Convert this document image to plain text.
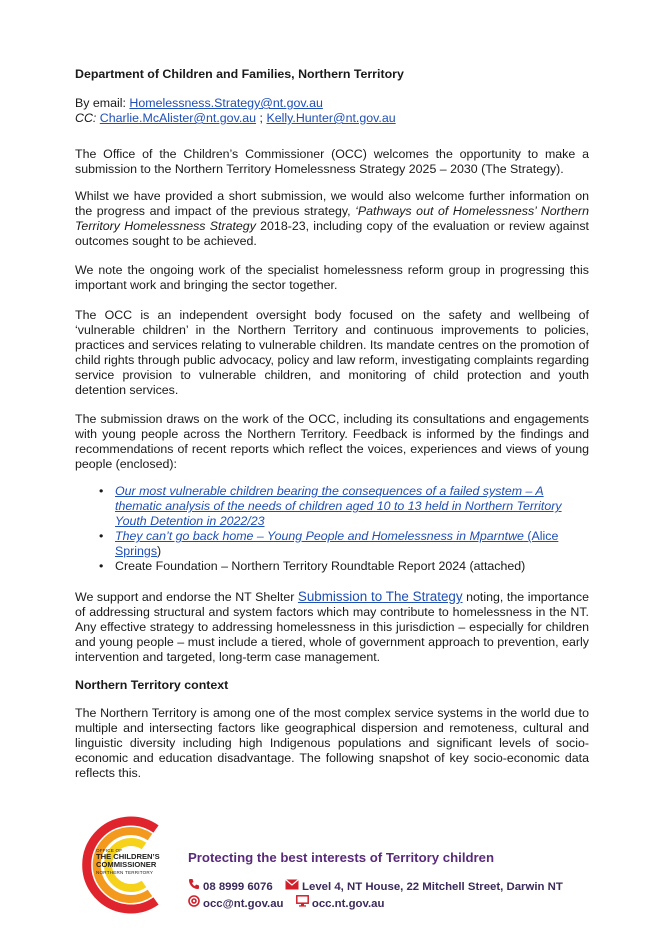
Department of Children and Families, Northern Territory

By email: Homelessness.Strategy@nt.gov.au

CC: Charlie.McAlister@nt.gov.au ; Kelly.Hunter@nt.gov.au

The Office of the Children’s Commissioner (OCC) welcomes the opportunity to make a submission to the Northern Territory Homelessness Strategy 2025 – 2030 (The Strategy).

Whilst we have provided a short submission, we would also welcome further information on the progress and impact of the previous strategy, ‘Pathways out of Homelessness’ Northern Territory Homelessness Strategy 2018-23, including copy of the evaluation or review against outcomes sought to be achieved.

We note the ongoing work of the specialist homelessness reform group in progressing this important work and bringing the sector together.

The OCC is an independent oversight body focused on the safety and wellbeing of ‘vulnerable children’ in the Northern Territory and continuous improvements to policies, practices and services relating to vulnerable children. Its mandate centres on the promotion of child rights through public advocacy, policy and law reform, investigating complaints regarding service provision to vulnerable children, and monitoring of child protection and youth detention services.

The submission draws on the work of the OCC, including its consultations and engagements with young people across the Northern Territory. Feedback is informed by the findings and recommendations of recent reports which reflect the voices, experiences and views of young people (enclosed):

• Our most vulnerable children bearing the consequences of a failed system – A thematic analysis of the needs of children aged 10 to 13 held in Northern Territory Youth Detention in 2022/23
• They can’t go back home – Young People and Homelessness in Mparntwe (Alice Springs)
• Create Foundation – Northern Territory Roundtable Report 2024 (attached)

We support and endorse the NT Shelter Submission to The Strategy noting, the importance of addressing structural and system factors which may contribute to homelessness in the NT. Any effective strategy to addressing homelessness in this jurisdiction – especially for children and young people – must include a tiered, whole of government approach to prevention, early intervention and targeted, long-term case management.

Northern Territory context

The Northern Territory is among one of the most complex service systems in the world due to multiple and intersecting factors like geographical dispersion and remoteness, cultural and linguistic diversity including high Indigenous populations and significant levels of socio-economic and education disadvantage. The following snapshot of key socio-economic data reflects this.

OFFICE OF
THE CHILDREN’S
COMMISSIONER
NORTHERN TERRITORY
Protecting the best interests of Territory children
08 8999 6076	Level 4, NT House, 22 Mitchell Street, Darwin NT
occ@nt.gov.au occ.nt.gov.au
